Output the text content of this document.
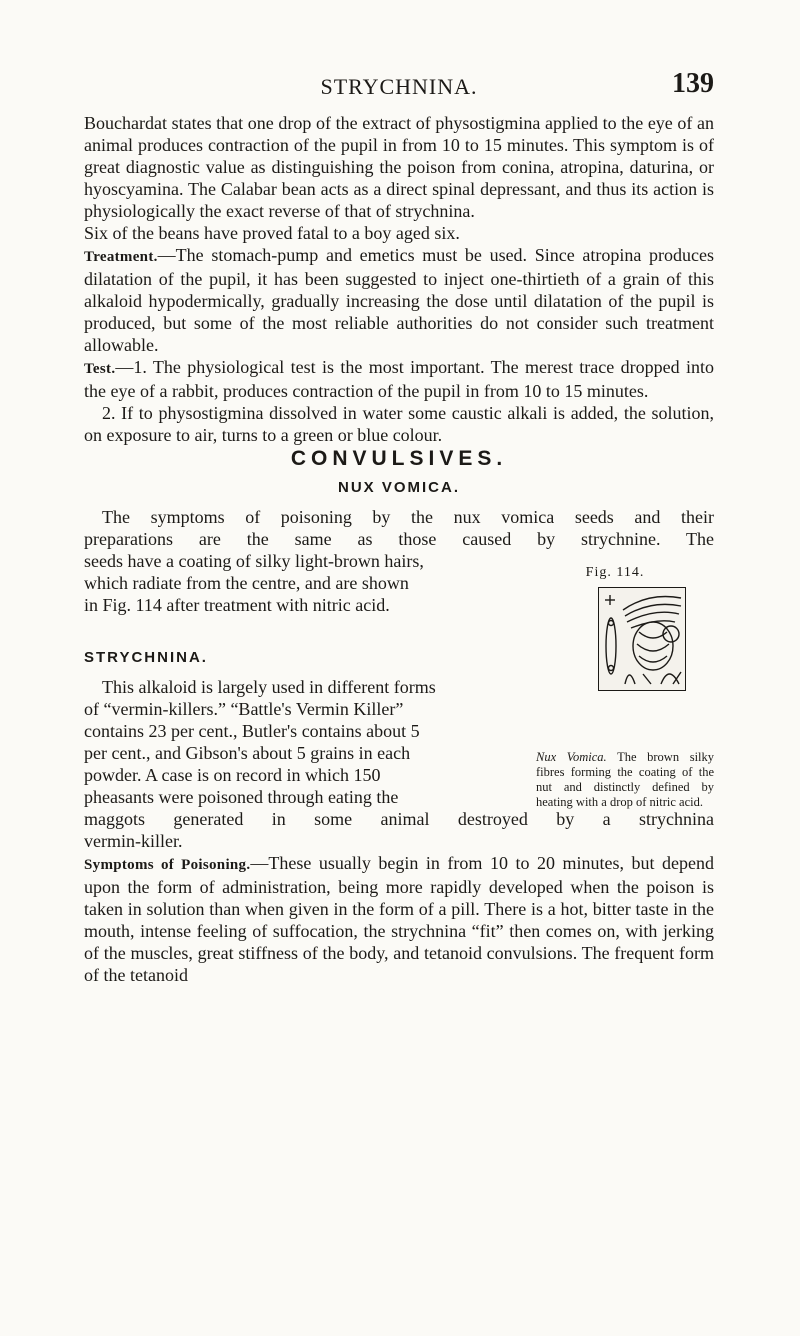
STRYCHNINA.	139

Bouchardat states that one drop of the extract of physostigmina applied to the eye of an animal produces contraction of the pupil in from 10 to 15 minutes. This symptom is of great diagnostic value as distinguishing the poison from conina, atropina, daturina, or hyoscyamina. The Calabar bean acts as a direct spinal depressant, and thus its action is physiologically the exact reverse of that of strychnina.

Six of the beans have proved fatal to a boy aged six.

Treatment.—The stomach-pump and emetics must be used. Since atropina produces dilatation of the pupil, it has been suggested to inject one-thirtieth of a grain of this alkaloid hypodermically, gradually increasing the dose until dilatation of the pupil is produced, but some of the most reliable authorities do not consider such treatment allowable.

Test.—1. The physiological test is the most important. The merest trace dropped into the eye of a rabbit, produces contraction of the pupil in from 10 to 15 minutes.

2. If to physostigmina dissolved in water some caustic alkali is added, the solution, on exposure to air, turns to a green or blue colour.

CONVULSIVES.
NUX VOMICA.
The symptoms of poisoning by the nux vomica seeds and their
preparations are the same as those caused by strychnine. The
seeds have a coating of silky light-brown hairs,
which radiate from the centre, and are shown
in Fig. 114 after treatment with nitric acid.
Fig. 114.
STRYCHNINA.
This alkaloid is largely used in different forms
of “vermin-killers.” “Battle's Vermin Killer”
contains 23 per cent., Butler's contains about 5
per cent., and Gibson's about 5 grains in each
powder. A case is on record in which 150
pheasants were poisoned through eating the
maggots generated in some animal destroyed by a strychnina
vermin-killer.
Nux Vomica. The brown silky fibres forming the coating of the nut and distinctly defined by heating with a drop of nitric acid.

Symptoms of Poisoning.—These usually begin in from 10 to 20 minutes, but depend upon the form of administration, being more rapidly developed when the poison is taken in solution than when given in the form of a pill. There is a hot, bitter taste in the mouth, intense feeling of suffocation, the strychnina “fit” then comes on, with jerking of the muscles, great stiffness of the body, and tetanoid convulsions. The frequent form of the tetanoid
